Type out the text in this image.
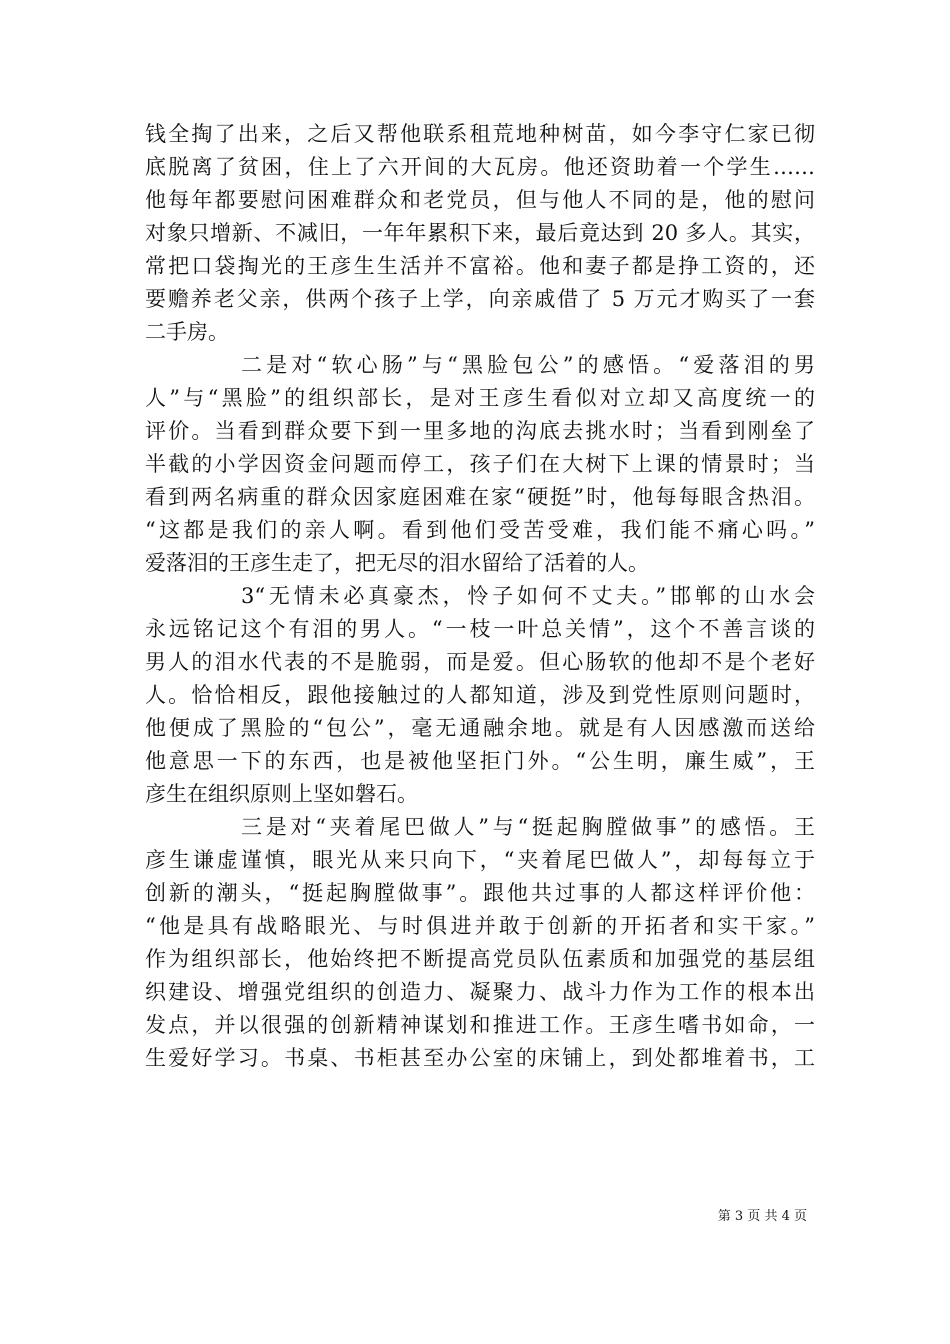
钱全掏了出来，之后又帮他联系租荒地种树苗，如今李守仁家已彻
底脱离了贫困，住上了六开间的大瓦房。他还资助着一个学生……
他每年都要慰问困难群众和老党员，但与他人不同的是，他的慰问
对象只增新、不减旧，一年年累积下来，最后竟达到 20 多人。其实，
常把口袋掏光的王彦生生活并不富裕。他和妻子都是挣工资的，还
要赡养老父亲，供两个孩子上学，向亲戚借了 5 万元才购买了一套
二手房。
二是对“软心肠”与“黑脸包公”的感悟。“爱落泪的男
人”与“黑脸”的组织部长，是对王彦生看似对立却又高度统一的
评价。当看到群众要下到一里多地的沟底去挑水时；当看到刚垒了
半截的小学因资金问题而停工，孩子们在大树下上课的情景时；当
看到两名病重的群众因家庭困难在家“硬挺”时，他每每眼含热泪。
“这都是我们的亲人啊。看到他们受苦受难，我们能不痛心吗。”
爱落泪的王彦生走了，把无尽的泪水留给了活着的人。
3“无情未必真豪杰，怜子如何不丈夫。”邯郸的山水会
永远铭记这个有泪的男人。“一枝一叶总关情”，这个不善言谈的
男人的泪水代表的不是脆弱，而是爱。但心肠软的他却不是个老好
人。恰恰相反，跟他接触过的人都知道，涉及到党性原则问题时，
他便成了黑脸的“包公”，毫无通融余地。就是有人因感激而送给
他意思一下的东西，也是被他坚拒门外。“公生明，廉生威”，王
彦生在组织原则上坚如磐石。
三是对“夹着尾巴做人”与“挺起胸膛做事”的感悟。王
彦生谦虚谨慎，眼光从来只向下，“夹着尾巴做人”，却每每立于
创新的潮头，“挺起胸膛做事”。跟他共过事的人都这样评价他：
“他是具有战略眼光、与时俱进并敢于创新的开拓者和实干家。”
作为组织部长，他始终把不断提高党员队伍素质和加强党的基层组
织建设、增强党组织的创造力、凝聚力、战斗力作为工作的根本出
发点，并以很强的创新精神谋划和推进工作。王彦生嗜书如命，一
生爱好学习。书桌、书柜甚至办公室的床铺上，到处都堆着书，工
第 3 页 共 4 页
